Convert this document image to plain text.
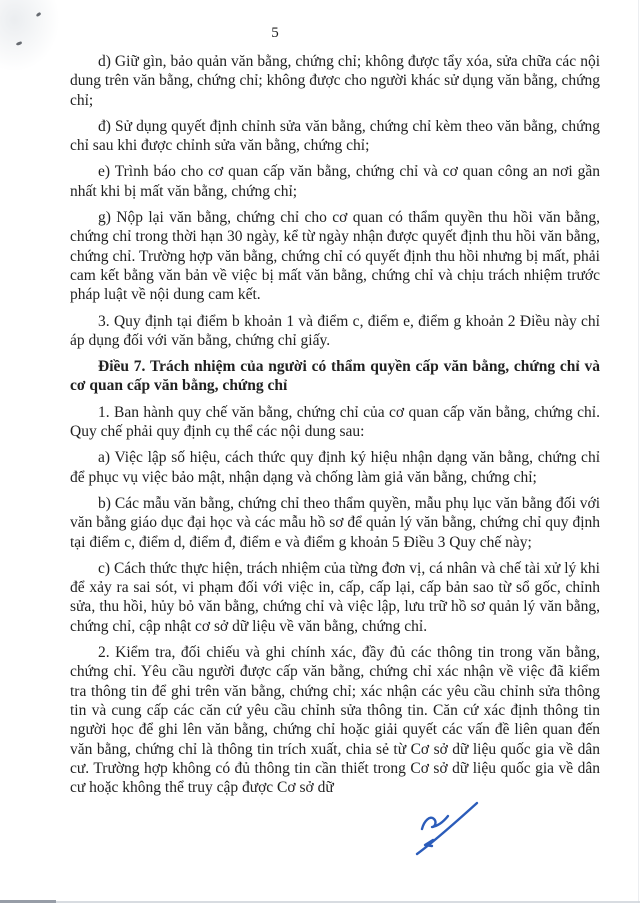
5

d) Giữ gìn, bảo quản văn bằng, chứng chỉ; không được tẩy xóa, sửa chữa các nội dung trên văn bằng, chứng chỉ; không được cho người khác sử dụng văn bằng, chứng chỉ;

đ) Sử dụng quyết định chỉnh sửa văn bằng, chứng chỉ kèm theo văn bằng, chứng chỉ sau khi được chỉnh sửa văn bằng, chứng chỉ;

e) Trình báo cho cơ quan cấp văn bằng, chứng chỉ và cơ quan công an nơi gần nhất khi bị mất văn bằng, chứng chỉ;

g) Nộp lại văn bằng, chứng chỉ cho cơ quan có thẩm quyền thu hồi văn bằng, chứng chỉ trong thời hạn 30 ngày, kể từ ngày nhận được quyết định thu hồi văn bằng, chứng chỉ. Trường hợp văn bằng, chứng chỉ có quyết định thu hồi nhưng bị mất, phải cam kết bằng văn bản về việc bị mất văn bằng, chứng chỉ và chịu trách nhiệm trước pháp luật về nội dung cam kết.

3. Quy định tại điểm b khoản 1 và điểm c, điểm e, điểm g khoản 2 Điều này chỉ áp dụng đối với văn bằng, chứng chỉ giấy.

Điều 7. Trách nhiệm của người có thẩm quyền cấp văn bằng, chứng chỉ và cơ quan cấp văn bằng, chứng chỉ

1. Ban hành quy chế văn bằng, chứng chỉ của cơ quan cấp văn bằng, chứng chỉ. Quy chế phải quy định cụ thể các nội dung sau:

a) Việc lập số hiệu, cách thức quy định ký hiệu nhận dạng văn bằng, chứng chỉ để phục vụ việc bảo mật, nhận dạng và chống làm giả văn bằng, chứng chỉ;

b) Các mẫu văn bằng, chứng chỉ theo thẩm quyền, mẫu phụ lục văn bằng đối với văn bằng giáo dục đại học và các mẫu hồ sơ để quản lý văn bằng, chứng chỉ quy định tại điểm c, điểm d, điểm đ, điểm e và điểm g khoản 5 Điều 3 Quy chế này;

c) Cách thức thực hiện, trách nhiệm của từng đơn vị, cá nhân và chế tài xử lý khi để xảy ra sai sót, vi phạm đối với việc in, cấp, cấp lại, cấp bản sao từ sổ gốc, chỉnh sửa, thu hồi, hủy bỏ văn bằng, chứng chỉ và việc lập, lưu trữ hồ sơ quản lý văn bằng, chứng chỉ, cập nhật cơ sở dữ liệu về văn bằng, chứng chỉ.

2. Kiểm tra, đối chiếu và ghi chính xác, đầy đủ các thông tin trong văn bằng, chứng chỉ. Yêu cầu người được cấp văn bằng, chứng chỉ xác nhận về việc đã kiểm tra thông tin để ghi trên văn bằng, chứng chỉ; xác nhận các yêu cầu chỉnh sửa thông tin và cung cấp các căn cứ yêu cầu chỉnh sửa thông tin. Căn cứ xác định thông tin người học để ghi lên văn bằng, chứng chỉ hoặc giải quyết các vấn đề liên quan đến văn bằng, chứng chỉ là thông tin trích xuất, chia sẻ từ Cơ sở dữ liệu quốc gia về dân cư. Trường hợp không có đủ thông tin cần thiết trong Cơ sở dữ liệu quốc gia về dân cư hoặc không thể truy cập được Cơ sở dữ
